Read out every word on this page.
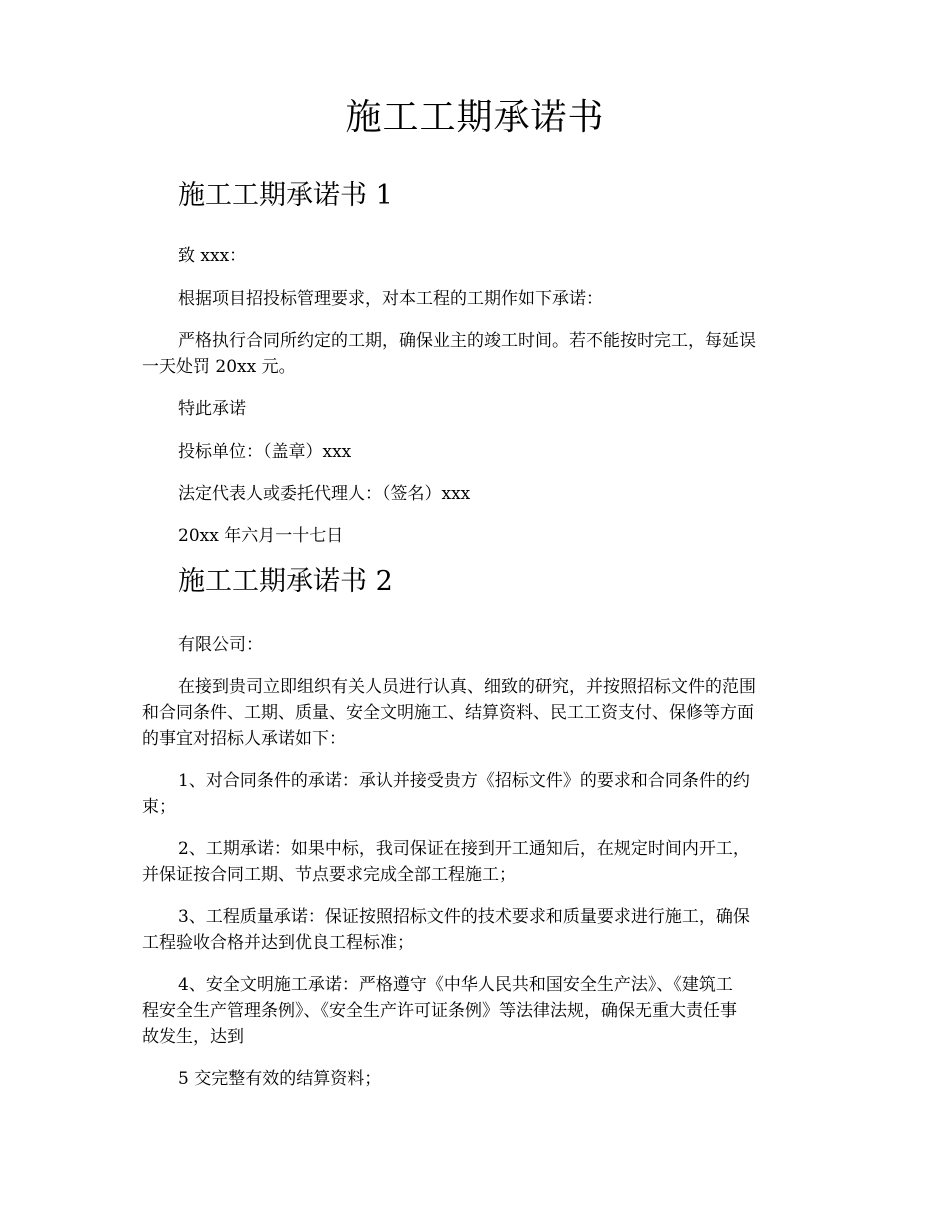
施工工期承诺书
施工工期承诺书 1
致 xxx：
根据项目招投标管理要求，对本工程的工期作如下承诺：
严格执行合同所约定的工期，确保业主的竣工时间。若不能按时完工，每延误
一天处罚 20xx 元。
特此承诺
投标单位：（盖章）xxx
法定代表人或委托代理人：（签名）xxx
20xx 年六月一十七日
施工工期承诺书 2
有限公司：
在接到贵司立即组织有关人员进行认真、细致的研究，并按照招标文件的范围
和合同条件、工期、质量、安全文明施工、结算资料、民工工资支付、保修等方面
的事宜对招标人承诺如下：
1、对合同条件的承诺：承认并接受贵方《招标文件》的要求和合同条件的约
束；
2、工期承诺：如果中标，我司保证在接到开工通知后，在规定时间内开工，
并保证按合同工期、节点要求完成全部工程施工；
3、工程质量承诺：保证按照招标文件的技术要求和质量要求进行施工，确保
工程验收合格并达到优良工程标准；
4、安全文明施工承诺：严格遵守《中华人民共和国安全生产法》、《建筑工
程安全生产管理条例》、《安全生产许可证条例》等法律法规，确保无重大责任事
故发生，达到
5 交完整有效的结算资料；
